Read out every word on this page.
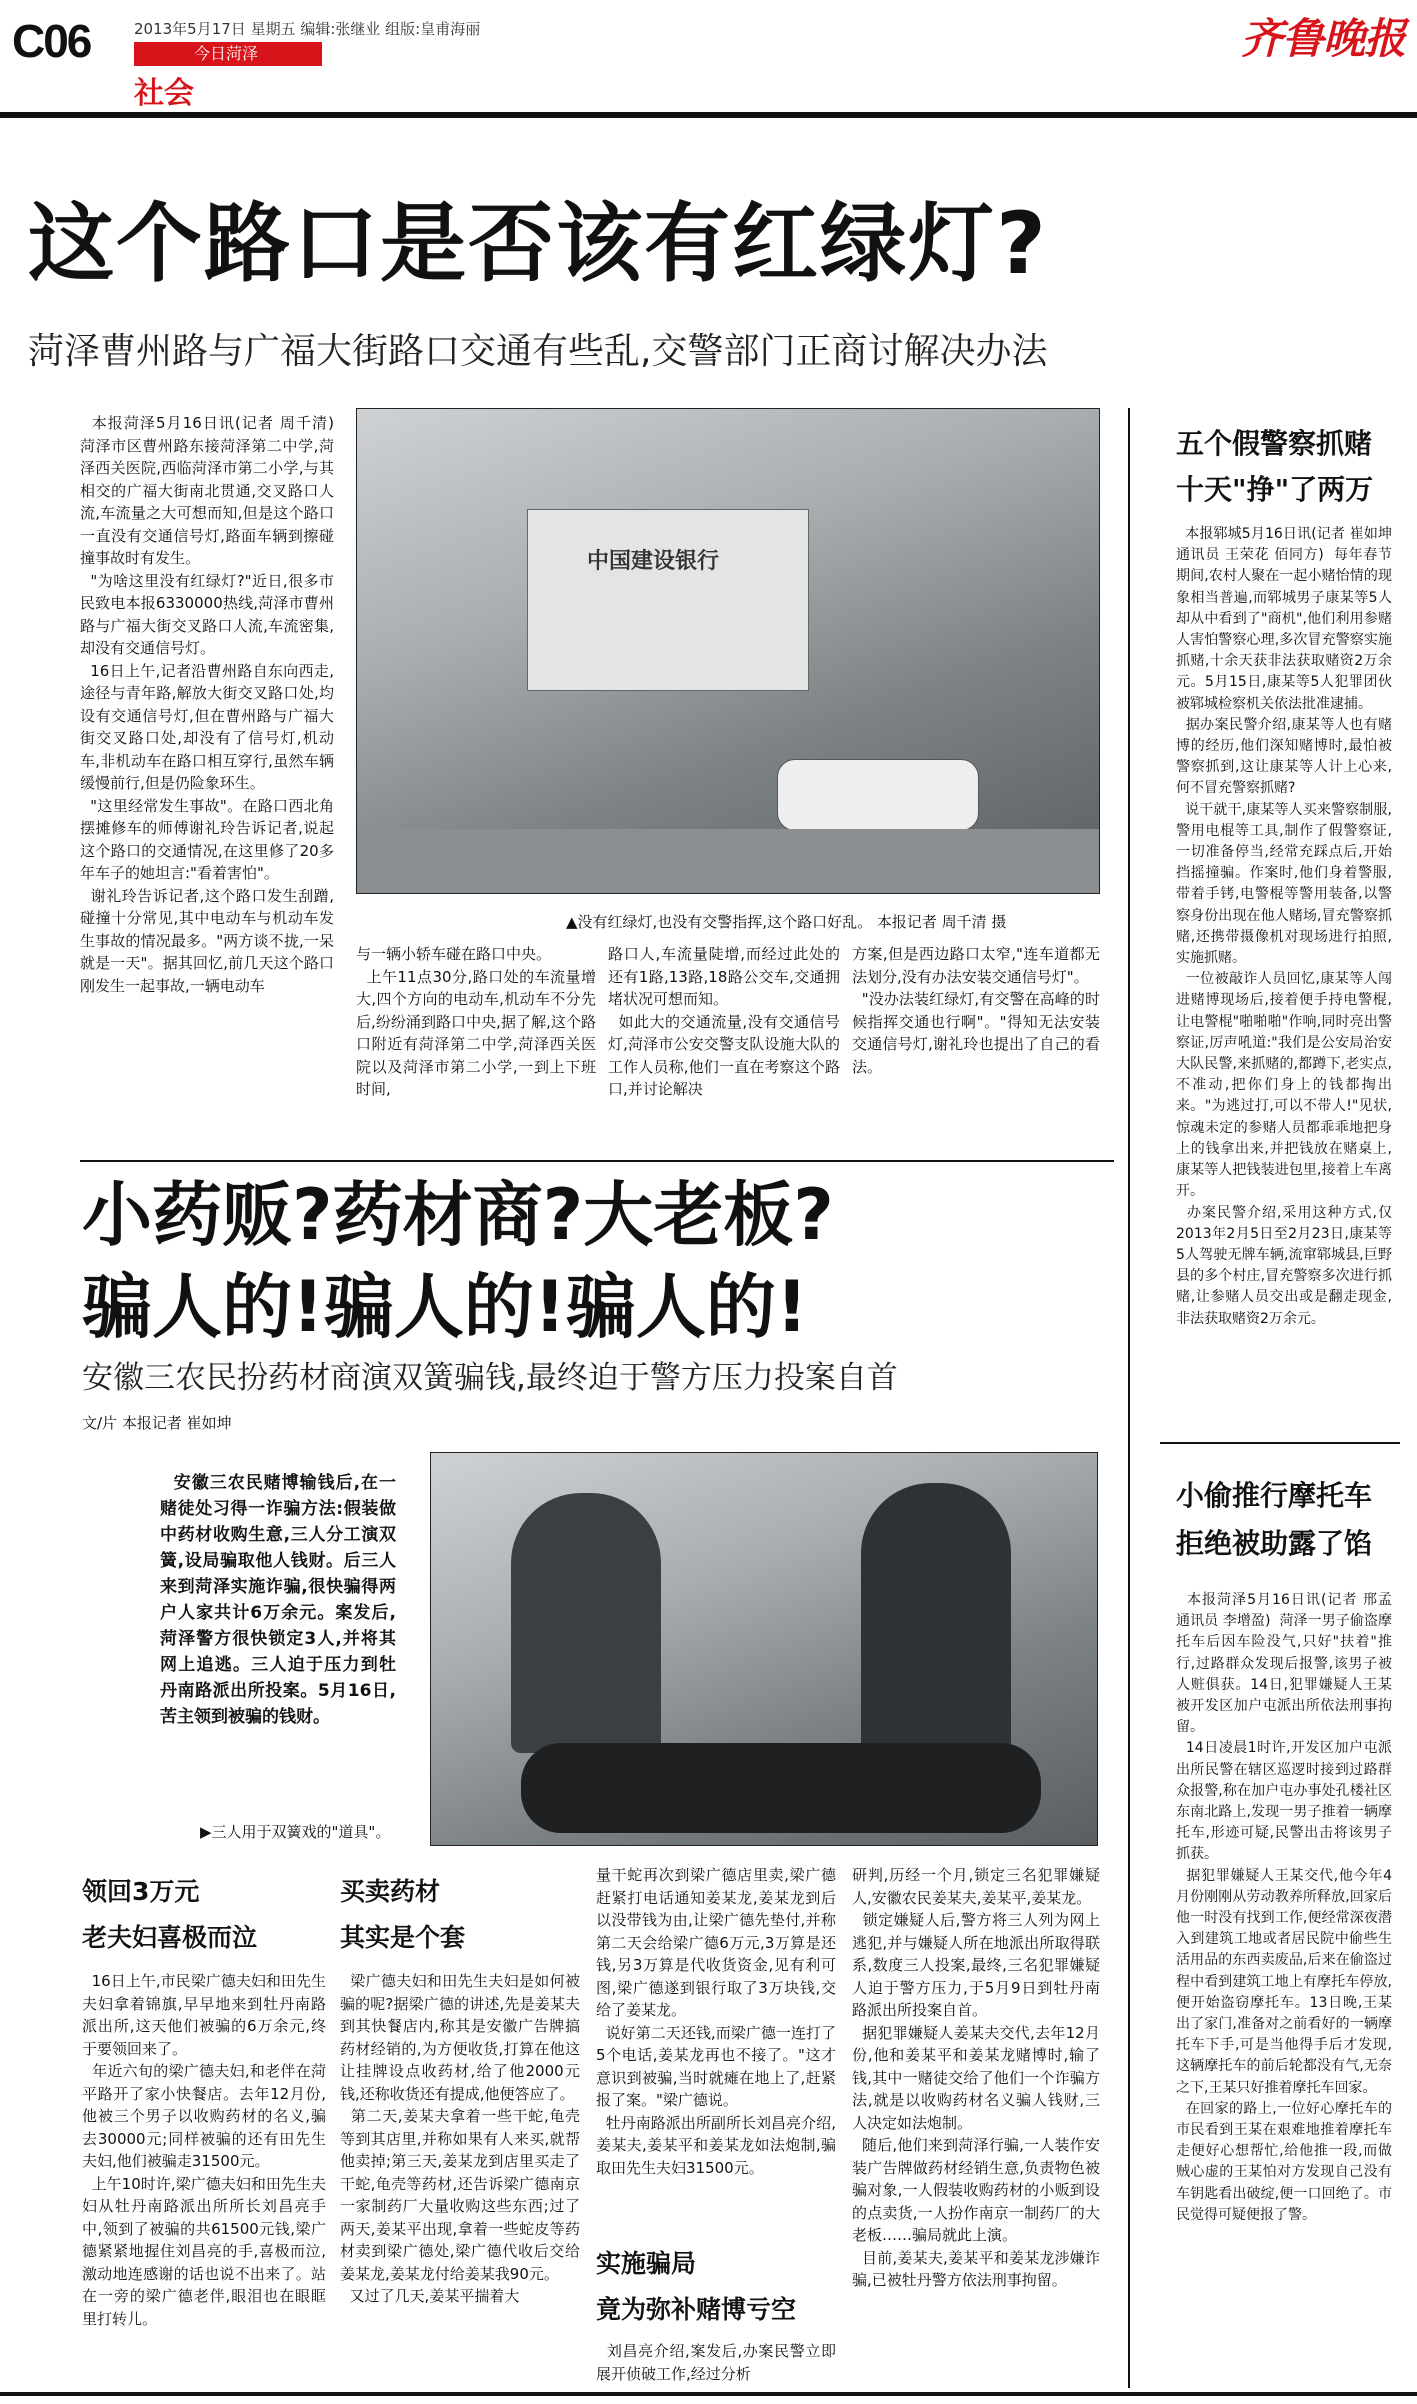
C06	2013年5月17日 星期五 编辑:张继业 组版:皇甫海丽
今日菏泽
社会
齐鲁晚报
这个路口是否该有红绿灯?
菏泽曹州路与广福大街路口交通有些乱,交警部门正商讨解决办法
本报菏泽5月16日讯(记者 周千清)  菏泽市区曹州路东接菏泽第二中学,菏泽西关医院,西临菏泽市第二小学,与其相交的广福大街南北贯通,交叉路口人流,车流量之大可想而知,但是这个路口一直没有交通信号灯,路面车辆到擦碰撞事故时有发生。
"为啥这里没有红绿灯?"近日,很多市民致电本报6330000热线,菏泽市曹州路与广福大街交叉路口人流,车流密集,却没有交通信号灯。
16日上午,记者沿曹州路自东向西走,途径与青年路,解放大街交叉路口处,均设有交通信号灯,但在曹州路与广福大街交叉路口处,却没有了信号灯,机动车,非机动车在路口相互穿行,虽然车辆缓慢前行,但是仍险象环生。
"这里经常发生事故"。在路口西北角摆摊修车的师傅谢礼玲告诉记者,说起这个路口的交通情况,在这里修了20多年车子的她坦言:"看着害怕"。
谢礼玲告诉记者,这个路口发生刮蹭,碰撞十分常见,其中电动车与机动车发生事故的情况最多。"两方谈不拢,一呆就是一天"。据其回忆,前几天这个路口刚发生一起事故,一辆电动车
中国建设银行
▲没有红绿灯,也没有交警指挥,这个路口好乱。 本报记者 周千清 摄
与一辆小轿车碰在路口中央。
上午11点30分,路口处的车流量增大,四个方向的电动车,机动车不分先后,纷纷涌到路口中央,据了解,这个路口附近有菏泽第二中学,菏泽西关医院以及菏泽市第二小学,一到上下班时间,
路口人,车流量陡增,而经过此处的还有1路,13路,18路公交车,交通拥堵状况可想而知。
如此大的交通流量,没有交通信号灯,菏泽市公安交警支队设施大队的工作人员称,他们一直在考察这个路口,并讨论解决
方案,但是西边路口太窄,"连车道都无法划分,没有办法安装交通信号灯"。
"没办法装红绿灯,有交警在高峰的时候指挥交通也行啊"。"得知无法安装交通信号灯,谢礼玲也提出了自己的看法。
五个假警察抓赌
十天"挣"了两万
本报郓城5月16日讯(记者 崔如坤  通讯员 王荣花 佰同方)  每年春节期间,农村人聚在一起小赌怡情的现象相当普遍,而郓城男子康某等5人却从中看到了"商机",他们利用参赌人害怕警察心理,多次冒充警察实施抓赌,十余天获非法获取赌资2万余元。5月15日,康某等5人犯罪团伙被郓城检察机关依法批准逮捕。
据办案民警介绍,康某等人也有赌博的经历,他们深知赌博时,最怕被警察抓到,这让康某等人计上心来,何不冒充警察抓赌?
说干就干,康某等人买来警察制服,警用电棍等工具,制作了假警察证,一切准备停当,经常充踩点后,开始挡摇撞骗。作案时,他们身着警服,带着手铐,电警棍等警用装备,以警察身份出现在他人赌场,冒充警察抓赌,还携带摄像机对现场进行拍照,实施抓赌。
一位被敲诈人员回忆,康某等人闯进赌博现场后,接着便手持电警棍,让电警棍"啪啪啪"作响,同时亮出警察证,厉声吼道:"我们是公安局治安大队民警,来抓赌的,都蹲下,老实点,不准动,把你们身上的钱都掏出来。"为逃过打,可以不带人!"见状,惊魂未定的参赌人员都乖乖地把身上的钱拿出来,并把钱放在赌桌上,康某等人把钱装进包里,接着上车离开。
办案民警介绍,采用这种方式,仅2013年2月5日至2月23日,康某等5人驾驶无牌车辆,流窜郓城县,巨野县的多个村庄,冒充警察多次进行抓赌,让参赌人员交出或是翻走现金,非法获取赌资2万余元。
小偷推行摩托车
拒绝被助露了馅
本报菏泽5月16日讯(记者 邢孟  通讯员 李增盈)  菏泽一男子偷盗摩托车后因车险没气,只好"扶着"推行,过路群众发现后报警,该男子被人赃俱获。14日,犯罪嫌疑人王某被开发区加户屯派出所依法刑事拘留。
14日凌晨1时许,开发区加户屯派出所民警在辖区巡逻时接到过路群众报警,称在加户屯办事处孔楼社区东南北路上,发现一男子推着一辆摩托车,形迹可疑,民警出击将该男子抓获。
据犯罪嫌疑人王某交代,他今年4月份刚刚从劳动教养所释放,回家后他一时没有找到工作,便经常深夜潜入到建筑工地或者居民院中偷些生活用品的东西卖废品,后来在偷盗过程中看到建筑工地上有摩托车停放,便开始盗窃摩托车。13日晚,王某出了家门,准备对之前看好的一辆摩托车下手,可是当他得手后才发现,这辆摩托车的前后轮都没有气,无奈之下,王某只好推着摩托车回家。
在回家的路上,一位好心摩托车的市民看到王某在艰难地推着摩托车走便好心想帮忙,给他推一段,而做贼心虚的王某怕对方发现自己没有车钥匙看出破绽,便一口回绝了。市民觉得可疑便报了警。
小药贩?药材商?大老板?
骗人的!骗人的!骗人的!
安徽三农民扮药材商演双簧骗钱,最终迫于警方压力投案自首
文/片 本报记者 崔如坤
安徽三农民赌博输钱后,在一赌徒处习得一诈骗方法:假装做中药材收购生意,三人分工演双簧,设局骗取他人钱财。后三人来到菏泽实施诈骗,很快骗得两户人家共计6万余元。案发后,菏泽警方很快锁定3人,并将其网上追逃。三人迫于压力到牡丹南路派出所投案。5月16日,苦主领到被骗的钱财。
▶三人用于双簧戏的"道具"。
领回3万元
老夫妇喜极而泣
16日上午,市民梁广德夫妇和田先生夫妇拿着锦旗,早早地来到牡丹南路派出所,这天他们被骗的6万余元,终于要领回来了。
年近六旬的梁广德夫妇,和老伴在菏平路开了家小快餐店。去年12月份,他被三个男子以收购药材的名义,骗去30000元;同样被骗的还有田先生夫妇,他们被骗走31500元。
上午10时许,梁广德夫妇和田先生夫妇从牡丹南路派出所所长刘昌亮手中,领到了被骗的共61500元钱,梁广德紧紧地握住刘昌亮的手,喜极而泣,激动地连感谢的话也说不出来了。站在一旁的梁广德老伴,眼泪也在眼眶里打转儿。
买卖药材
其实是个套
梁广德夫妇和田先生夫妇是如何被骗的呢?据梁广德的讲述,先是姜某夫到其快餐店内,称其是安徽广告牌搞药材经销的,为方便收货,打算在他这让挂牌设点收药材,给了他2000元钱,还称收货还有提成,他便答应了。
第二天,姜某夫拿着一些干蛇,龟壳等到其店里,并称如果有人来买,就帮他卖掉;第三天,姜某龙到店里买走了干蛇,龟壳等药材,还告诉梁广德南京一家制药厂大量收购这些东西;过了两天,姜某平出现,拿着一些蛇皮等药材卖到梁广德处,梁广德代收后交给姜某龙,姜某龙付给姜某我90元。
又过了几天,姜某平揣着大
量干蛇再次到梁广德店里卖,梁广德赶紧打电话通知姜某龙,姜某龙到后以没带钱为由,让梁广德先垫付,并称第二天会给梁广德6万元,3万算是还钱,另3万算是代收货资金,见有利可图,梁广德遂到银行取了3万块钱,交给了姜某龙。
说好第二天还钱,而梁广德一连打了5个电话,姜某龙再也不接了。"这才意识到被骗,当时就瘫在地上了,赶紧报了案。"梁广德说。
牡丹南路派出所副所长刘昌亮介绍,姜某夫,姜某平和姜某龙如法炮制,骗取田先生夫妇31500元。
实施骗局
竟为弥补赌博亏空
刘昌亮介绍,案发后,办案民警立即展开侦破工作,经过分析
研判,历经一个月,锁定三名犯罪嫌疑人,安徽农民姜某夫,姜某平,姜某龙。
锁定嫌疑人后,警方将三人列为网上逃犯,并与嫌疑人所在地派出所取得联系,数度三人投案,最终,三名犯罪嫌疑人迫于警方压力,于5月9日到牡丹南路派出所投案自首。
据犯罪嫌疑人姜某夫交代,去年12月份,他和姜某平和姜某龙赌博时,输了钱,其中一赌徒交给了他们一个诈骗方法,就是以收购药材名义骗人钱财,三人决定如法炮制。
随后,他们来到菏泽行骗,一人装作安装广告牌做药材经销生意,负责物色被骗对象,一人假装收购药材的小贩到设的点卖货,一人扮作南京一制药厂的大老板……骗局就此上演。
目前,姜某夫,姜某平和姜某龙涉嫌诈骗,已被牡丹警方依法刑事拘留。
